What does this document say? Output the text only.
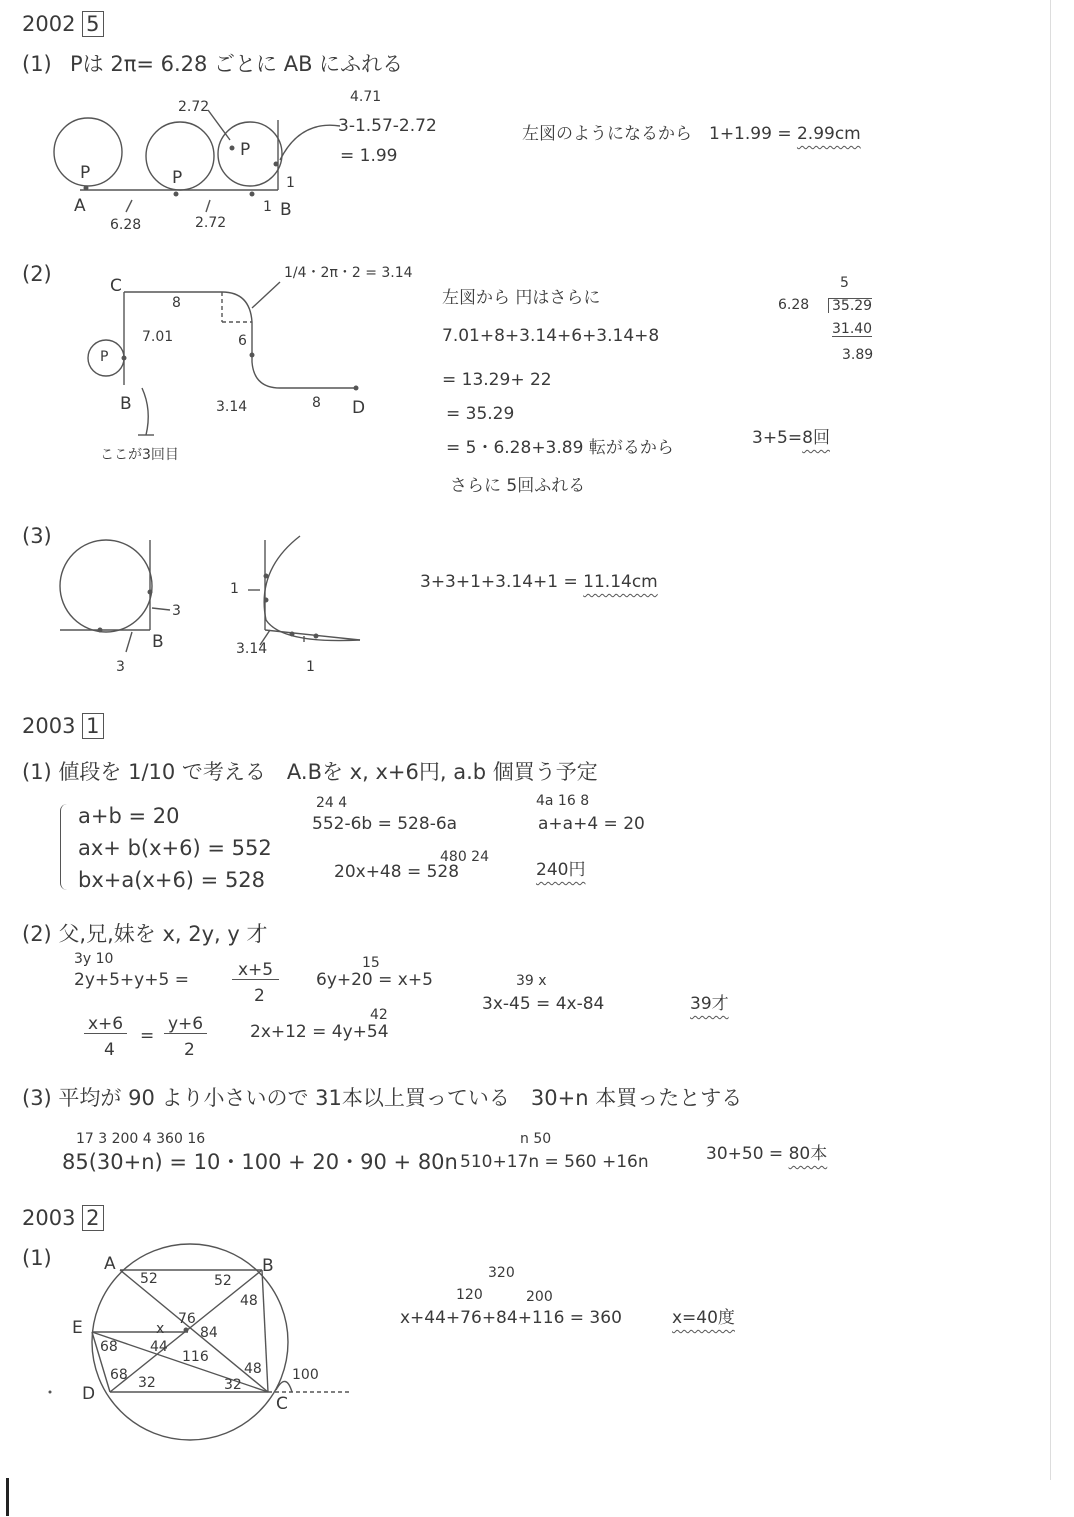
2002 5
(1) Pは 2π= 6.28 ごとに AB にふれる
P	P
P
A	B
6.28	2.72
1
1
2.72
4.71
3-1.57-2.72
= 1.99
左図のようになるから　1+1.99 = 2.99cm
(2)	C
B	D
P
8
7.01	6
3.14	8
1/4・2π・2 = 3.14
ここが3回目
左図から 円はさらに
7.01+8+3.14+6+3.14+8
= 13.29+ 22
= 35.29
= 5・6.28+3.89 転がるから
さらに 5回ふれる
5
6.28 35.29
31.40
3.89
3+5=8回
(3)
B
3
3
1
3.14
1
3+3+1+3.14+1 = 11.14cm
2003 1
(1) 値段を 1/10 で考える　A.Bを x, x+6円, a.b 個買う予定
a+b = 20
ax+ b(x+6) = 552
bx+a(x+6) = 528
24 4
552-6b = 528-6a
4a 16 8
a+a+4 = 20
480 24
20x+48 = 528	240円
(2) 父,兄,妹を x, 2y, y 才
3y 10
2y+5+y+5 =	x+5
2
x+6
4
=
y+6
2
15
6y+20 = x+5
42
2x+12 = 4y+54
39 x
3x-45 = 4x-84	39才
(3) 平均が 90 より小さいので 31本以上買っている　30+n 本買ったとする
17 3 200 4 360 16
85(30+n) = 10・100 + 20・90 + 80n
n 50
510+17n = 560 +16n	30+50 = 80本
2003 2
(1)	A	B
C
D
E
52	52
48
48
76
84
x
44
116
68
68 32	32
100
320
120	200
x+44+76+84+116 = 360	x=40度
